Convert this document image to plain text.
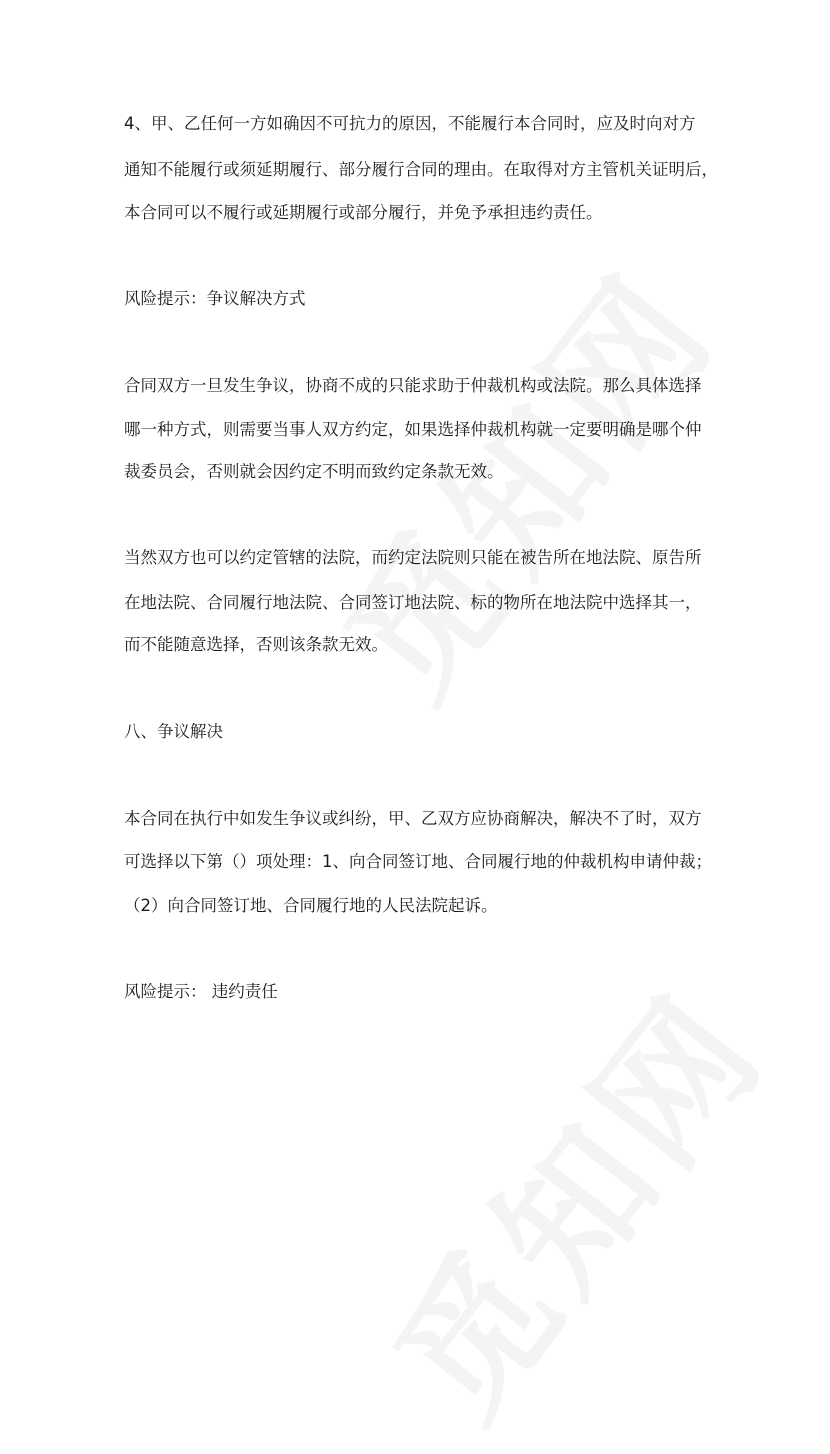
4、甲、乙任何一方如确因不可抗力的原因，不能履行本合同时，应及时向对方
通知不能履行或须延期履行、部分履行合同的理由。在取得对方主管机关证明后，
本合同可以不履行或延期履行或部分履行，并免予承担违约责任。
风险提示：争议解决方式
合同双方一旦发生争议，协商不成的只能求助于仲裁机构或法院。那么具体选择
哪一种方式，则需要当事人双方约定，如果选择仲裁机构就一定要明确是哪个仲
裁委员会，否则就会因约定不明而致约定条款无效。
当然双方也可以约定管辖的法院，而约定法院则只能在被告所在地法院、原告所
在地法院、合同履行地法院、合同签订地法院、标的物所在地法院中选择其一，
而不能随意选择，否则该条款无效。
八、争议解决
本合同在执行中如发生争议或纠纷，甲、乙双方应协商解决，解决不了时，双方
可选择以下第（）项处理：1、向合同签订地、合同履行地的仲裁机构申请仲裁；
（2）向合同签订地、合同履行地的人民法院起诉。
风险提示： 违约责任
